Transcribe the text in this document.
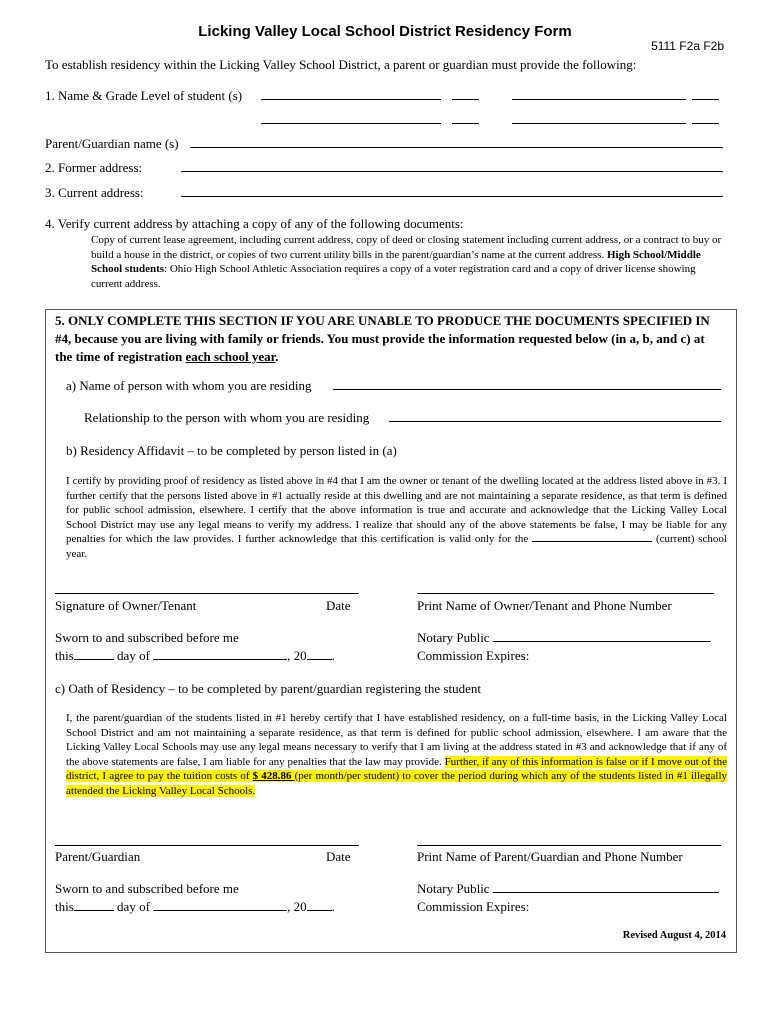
Licking Valley Local School District Residency Form
5111 F2a F2b
To establish residency within the Licking Valley School District, a parent or guardian must provide the following:
1. Name & Grade Level of student (s)
Parent/Guardian name (s)
2. Former address:
3. Current address:
4. Verify current address by attaching a copy of any of the following documents:
Copy of current lease agreement, including current address, copy of deed or closing statement including current address, or a contract to buy or build a house in the district, or copies of two current utility bills in the parent/guardian’s name at the current address. High School/Middle School students: Ohio High School Athletic Association requires a copy of a voter registration card and a copy of driver license showing current address.
5. ONLY COMPLETE THIS SECTION IF YOU ARE UNABLE TO PRODUCE THE DOCUMENTS SPECIFIED IN #4, because you are living with family or friends. You must provide the information requested below (in a, b, and c) at the time of registration each school year.
a) Name of person with whom you are residing
Relationship to the person with whom you are residing
b) Residency Affidavit – to be completed by person listed in (a)
I certify by providing proof of residency as listed above in #4 that I am the owner or tenant of the dwelling located at the address listed above in #3. I further certify that the persons listed above in #1 actually reside at this dwelling and are not maintaining a separate residence, as that term is defined for public school admission, elsewhere. I certify that the above information is true and accurate and acknowledge that the Licking Valley Local School District may use any legal means to verify my address. I realize that should any of the above statements be false, I may be liable for any penalties for which the law provides. I further acknowledge that this certification is valid only for the	(current) school year.
Signature of Owner/Tenant	Date	Print Name of Owner/Tenant and Phone Number
Sworn to and subscribed before me
this	day of	, 20 .
Notary Public
Commission Expires:
c) Oath of Residency – to be completed by parent/guardian registering the student
I, the parent/guardian of the students listed in #1 hereby certify that I have established residency, on a full-time basis, in the Licking Valley Local School District and am not maintaining a separate residence, as that term is defined for public school admission, elsewhere. I am aware that the Licking Valley Local Schools may use any legal means necessary to verify that I am living at the address stated in #3 and acknowledge that if any of the above statements are false, I am liable for any penalties that the law may provide. Further, if any of this information is false or if I move out of the district, I agree to pay the tuition costs of $ 428.86 (per month/per student) to cover the period during which any of the students listed in #1 illegally attended the Licking Valley Local Schools.
Parent/Guardian	Date	Print Name of Parent/Guardian and Phone Number
Sworn to and subscribed before me
this	day of	, 20 .
Notary Public
Commission Expires:
Revised August 4, 2014
